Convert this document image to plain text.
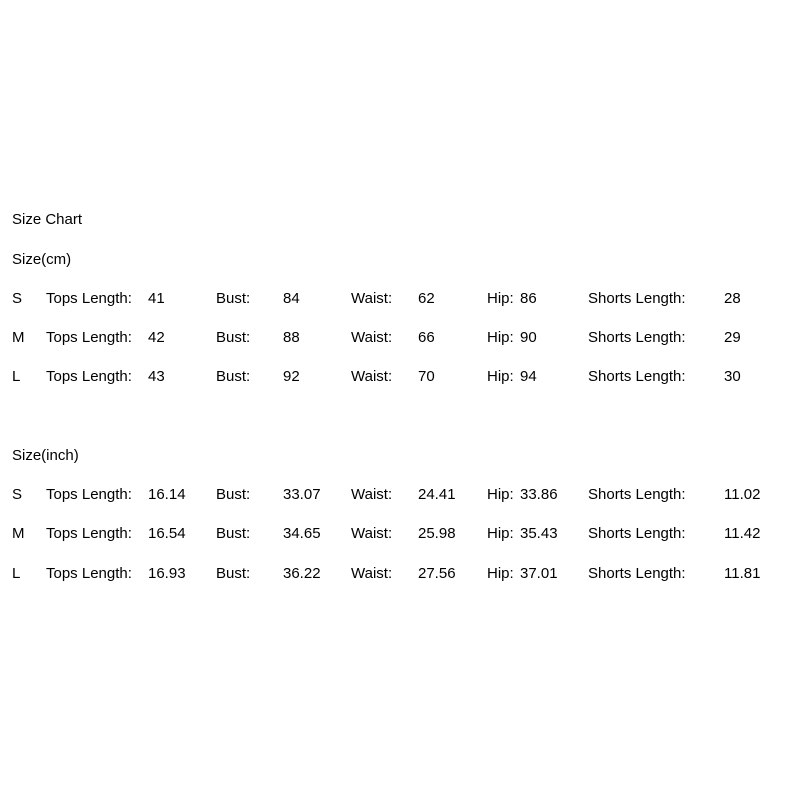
Size Chart
Size(cm)
S Tops Length: 41	Bust: 84	Waist: 62	Hip: 86	Shorts Length:	28
M Tops Length: 42	Bust: 88	Waist: 66	Hip: 90	Shorts Length:	29
L Tops Length: 43	Bust: 92	Waist: 70	Hip: 94	Shorts Length:	30
Size(inch)
S Tops Length: 16.14 Bust: 33.07 Waist: 24.41 Hip: 33.86 Shorts Length:	11.02
M Tops Length: 16.54 Bust: 34.65 Waist: 25.98 Hip: 35.43 Shorts Length:	11.42
L Tops Length: 16.93 Bust: 36.22 Waist: 27.56 Hip: 37.01 Shorts Length:	11.81
